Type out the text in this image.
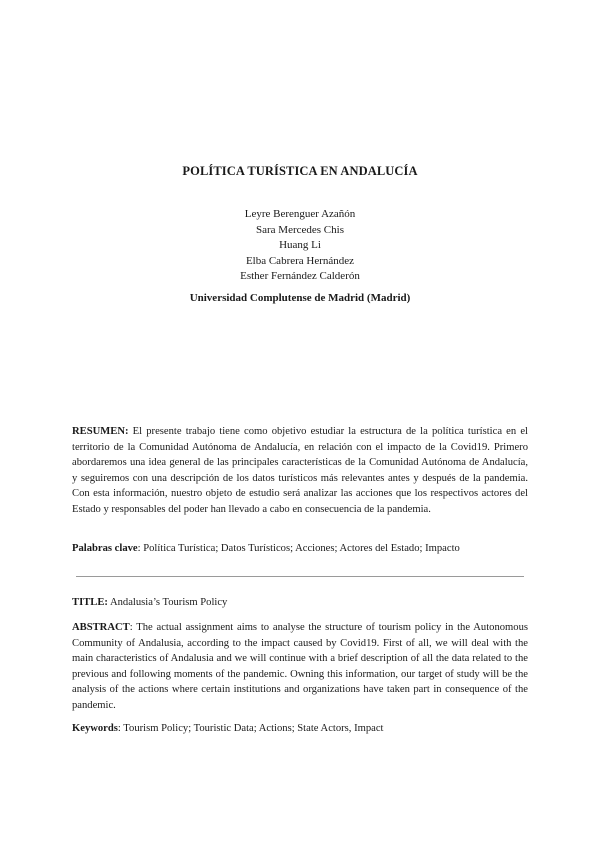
POLÍTICA TURÍSTICA EN ANDALUCÍA
Leyre Berenguer Azañón
Sara Mercedes Chis
Huang Li
Elba Cabrera Hernández
Esther Fernández Calderón
Universidad Complutense de Madrid (Madrid)

RESUMEN: El presente trabajo tiene como objetivo estudiar la estructura de la política turística en el territorio de la Comunidad Autónoma de Andalucía, en relación con el impacto de la Covid19. Primero abordaremos una idea general de las principales características de la Comunidad Autónoma de Andalucía, y seguiremos con una descripción de los datos turísticos más relevantes antes y después de la pandemia. Con esta información, nuestro objeto de estudio será analizar las acciones que los respectivos actores del Estado y responsables del poder han llevado a cabo en consecuencia de la pandemia.

Palabras clave: Política Turística; Datos Turísticos; Acciones; Actores del Estado; Impacto

TITLE: Andalusia’s Tourism Policy

ABSTRACT: The actual assignment aims to analyse the structure of tourism policy in the Autonomous Community of Andalusia, according to the impact caused by Covid19. First of all, we will deal with the main characteristics of Andalusia and we will continue with a brief description of all the data related to the previous and following moments of the pandemic. Owning this information, our target of study will be the analysis of the actions where certain institutions and organizations have taken part in consequence of the pandemic.

Keywords: Tourism Policy; Touristic Data; Actions; State Actors, Impact
